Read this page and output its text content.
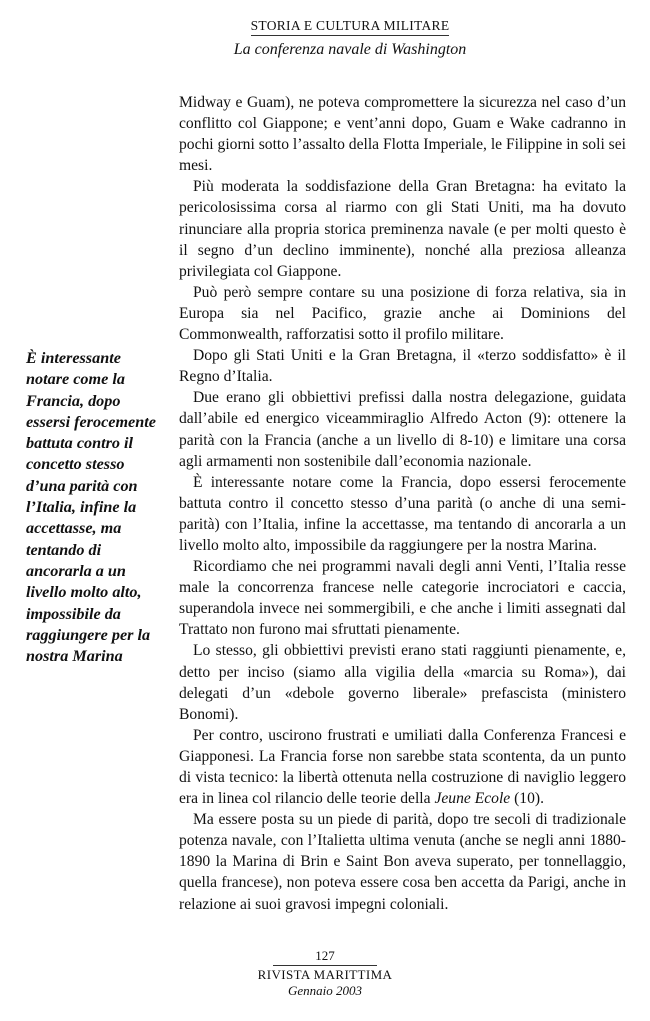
STORIA E CULTURA MILITARE
La conferenza navale di Washington
È interessante notare come la Francia, dopo essersi ferocemente battuta contro il concetto stesso d’una parità con l’Italia, infine la accettasse, ma tentando di ancorarla a un livello molto alto, impossibile da raggiungere per la nostra Marina

Midway e Guam), ne poteva compromettere la sicurezza nel caso d’un conflitto col Giappone; e vent’anni dopo, Guam e Wake cadranno in pochi giorni sotto l’assalto della Flotta Imperiale, le Filippine in soli sei mesi.

Più moderata la soddisfazione della Gran Bretagna: ha evitato la pericolosissima corsa al riarmo con gli Stati Uniti, ma ha dovuto rinunciare alla propria storica preminenza navale (e per molti questo è il segno d’un declino imminente), nonché alla preziosa alleanza privilegiata col Giappone.

Può però sempre contare su una posizione di forza relativa, sia in Europa sia nel Pacifico, grazie anche ai Dominions del Commonwealth, rafforzatisi sotto il profilo militare.

Dopo gli Stati Uniti e la Gran Bretagna, il «terzo soddisfatto» è il Regno d’Italia.

Due erano gli obbiettivi prefissi dalla nostra delegazione, guidata dall’abile ed energico viceammiraglio Alfredo Acton (9): ottenere la parità con la Francia (anche a un livello di 8-10) e limitare una corsa agli armamenti non sostenibile dall’economia nazionale.

È interessante notare come la Francia, dopo essersi ferocemente battuta contro il concetto stesso d’una parità (o anche di una semi-parità) con l’Italia, infine la accettasse, ma tentando di ancorarla a un livello molto alto, impossibile da raggiungere per la nostra Marina.

Ricordiamo che nei programmi navali degli anni Venti, l’Italia resse male la concorrenza francese nelle categorie incrociatori e caccia, superandola invece nei sommergibili, e che anche i limiti assegnati dal Trattato non furono mai sfruttati pienamente.

Lo stesso, gli obbiettivi previsti erano stati raggiunti pienamente, e, detto per inciso (siamo alla vigilia della «marcia su Roma»), dai delegati d’un «debole governo liberale» prefascista (ministero Bonomi).

Per contro, uscirono frustrati e umiliati dalla Conferenza Francesi e Giapponesi. La Francia forse non sarebbe stata scontenta, da un punto di vista tecnico: la libertà ottenuta nella costruzione di naviglio leggero era in linea col rilancio delle teorie della Jeune Ecole (10).

Ma essere posta su un piede di parità, dopo tre secoli di tradizionale potenza navale, con l’Italietta ultima venuta (anche se negli anni 1880-1890 la Marina di Brin e Saint Bon aveva superato, per tonnellaggio, quella francese), non poteva essere cosa ben accetta da Parigi, anche in relazione ai suoi gravosi impegni coloniali.

127
RIVISTA MARITTIMA
Gennaio 2003
